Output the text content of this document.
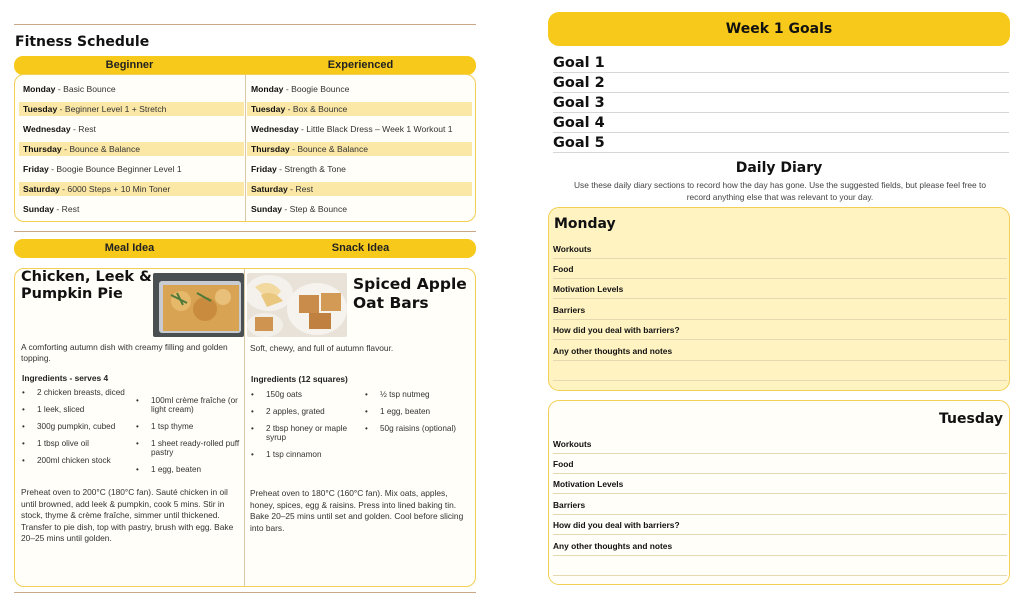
Fitness Schedule
Beginner	Experienced
Monday - Basic Bounce
Tuesday - Beginner Level 1 + Stretch
Wednesday - Rest
Thursday - Bounce & Balance
Friday - Boogie Bounce Beginner Level 1
Saturday - 6000 Steps + 10 Min Toner
Sunday - Rest
Monday - Boogie Bounce
Tuesday - Box & Bounce
Wednesday - Little Black Dress – Week 1 Workout 1
Thursday - Bounce & Balance
Friday - Strength & Tone
Saturday - Rest
Sunday - Step & Bounce
Meal Idea	Snack Idea
Chicken, Leek &
Pumpkin Pie
A comforting autumn dish with creamy filling and golden topping.
Ingredients - serves 4
• 2 chicken breasts, diced
• 1 leek, sliced
• 300g pumpkin, cubed
• 1 tbsp olive oil
• 200ml chicken stock
• 100ml crème fraîche (or light cream)
• 1 tsp thyme
• 1 sheet ready-rolled puff pastry
• 1 egg, beaten
Preheat oven to 200°C (180°C fan). Sauté chicken in oil until browned, add leek & pumpkin, cook 5 mins. Stir in stock, thyme & crème fraîche, simmer until thickened. Transfer to pie dish, top with pastry, brush with egg. Bake 20–25 mins until golden.
Spiced Apple
Oat Bars
Soft, chewy, and full of autumn flavour.
Ingredients (12 squares)
• 150g oats
• 2 apples, grated
• 2 tbsp honey or maple syrup
• 1 tsp cinnamon
• ½ tsp nutmeg
• 1 egg, beaten
• 50g raisins (optional)
Preheat oven to 180°C (160°C fan). Mix oats, apples, honey, spices, egg & raisins. Press into lined baking tin. Bake 20–25 mins until set and golden. Cool before slicing into bars.
Week 1 Goals
Goal 1
Goal 2
Goal 3
Goal 4
Goal 5
Daily Diary
Use these daily diary sections to record how the day has gone. Use the suggested fields, but please feel free to record anything else that was relevant to your day.
Monday
Workouts
Food
Motivation Levels
Barriers
How did you deal with barriers?
Any other thoughts and notes
Tuesday
Workouts
Food
Motivation Levels
Barriers
How did you deal with barriers?
Any other thoughts and notes
